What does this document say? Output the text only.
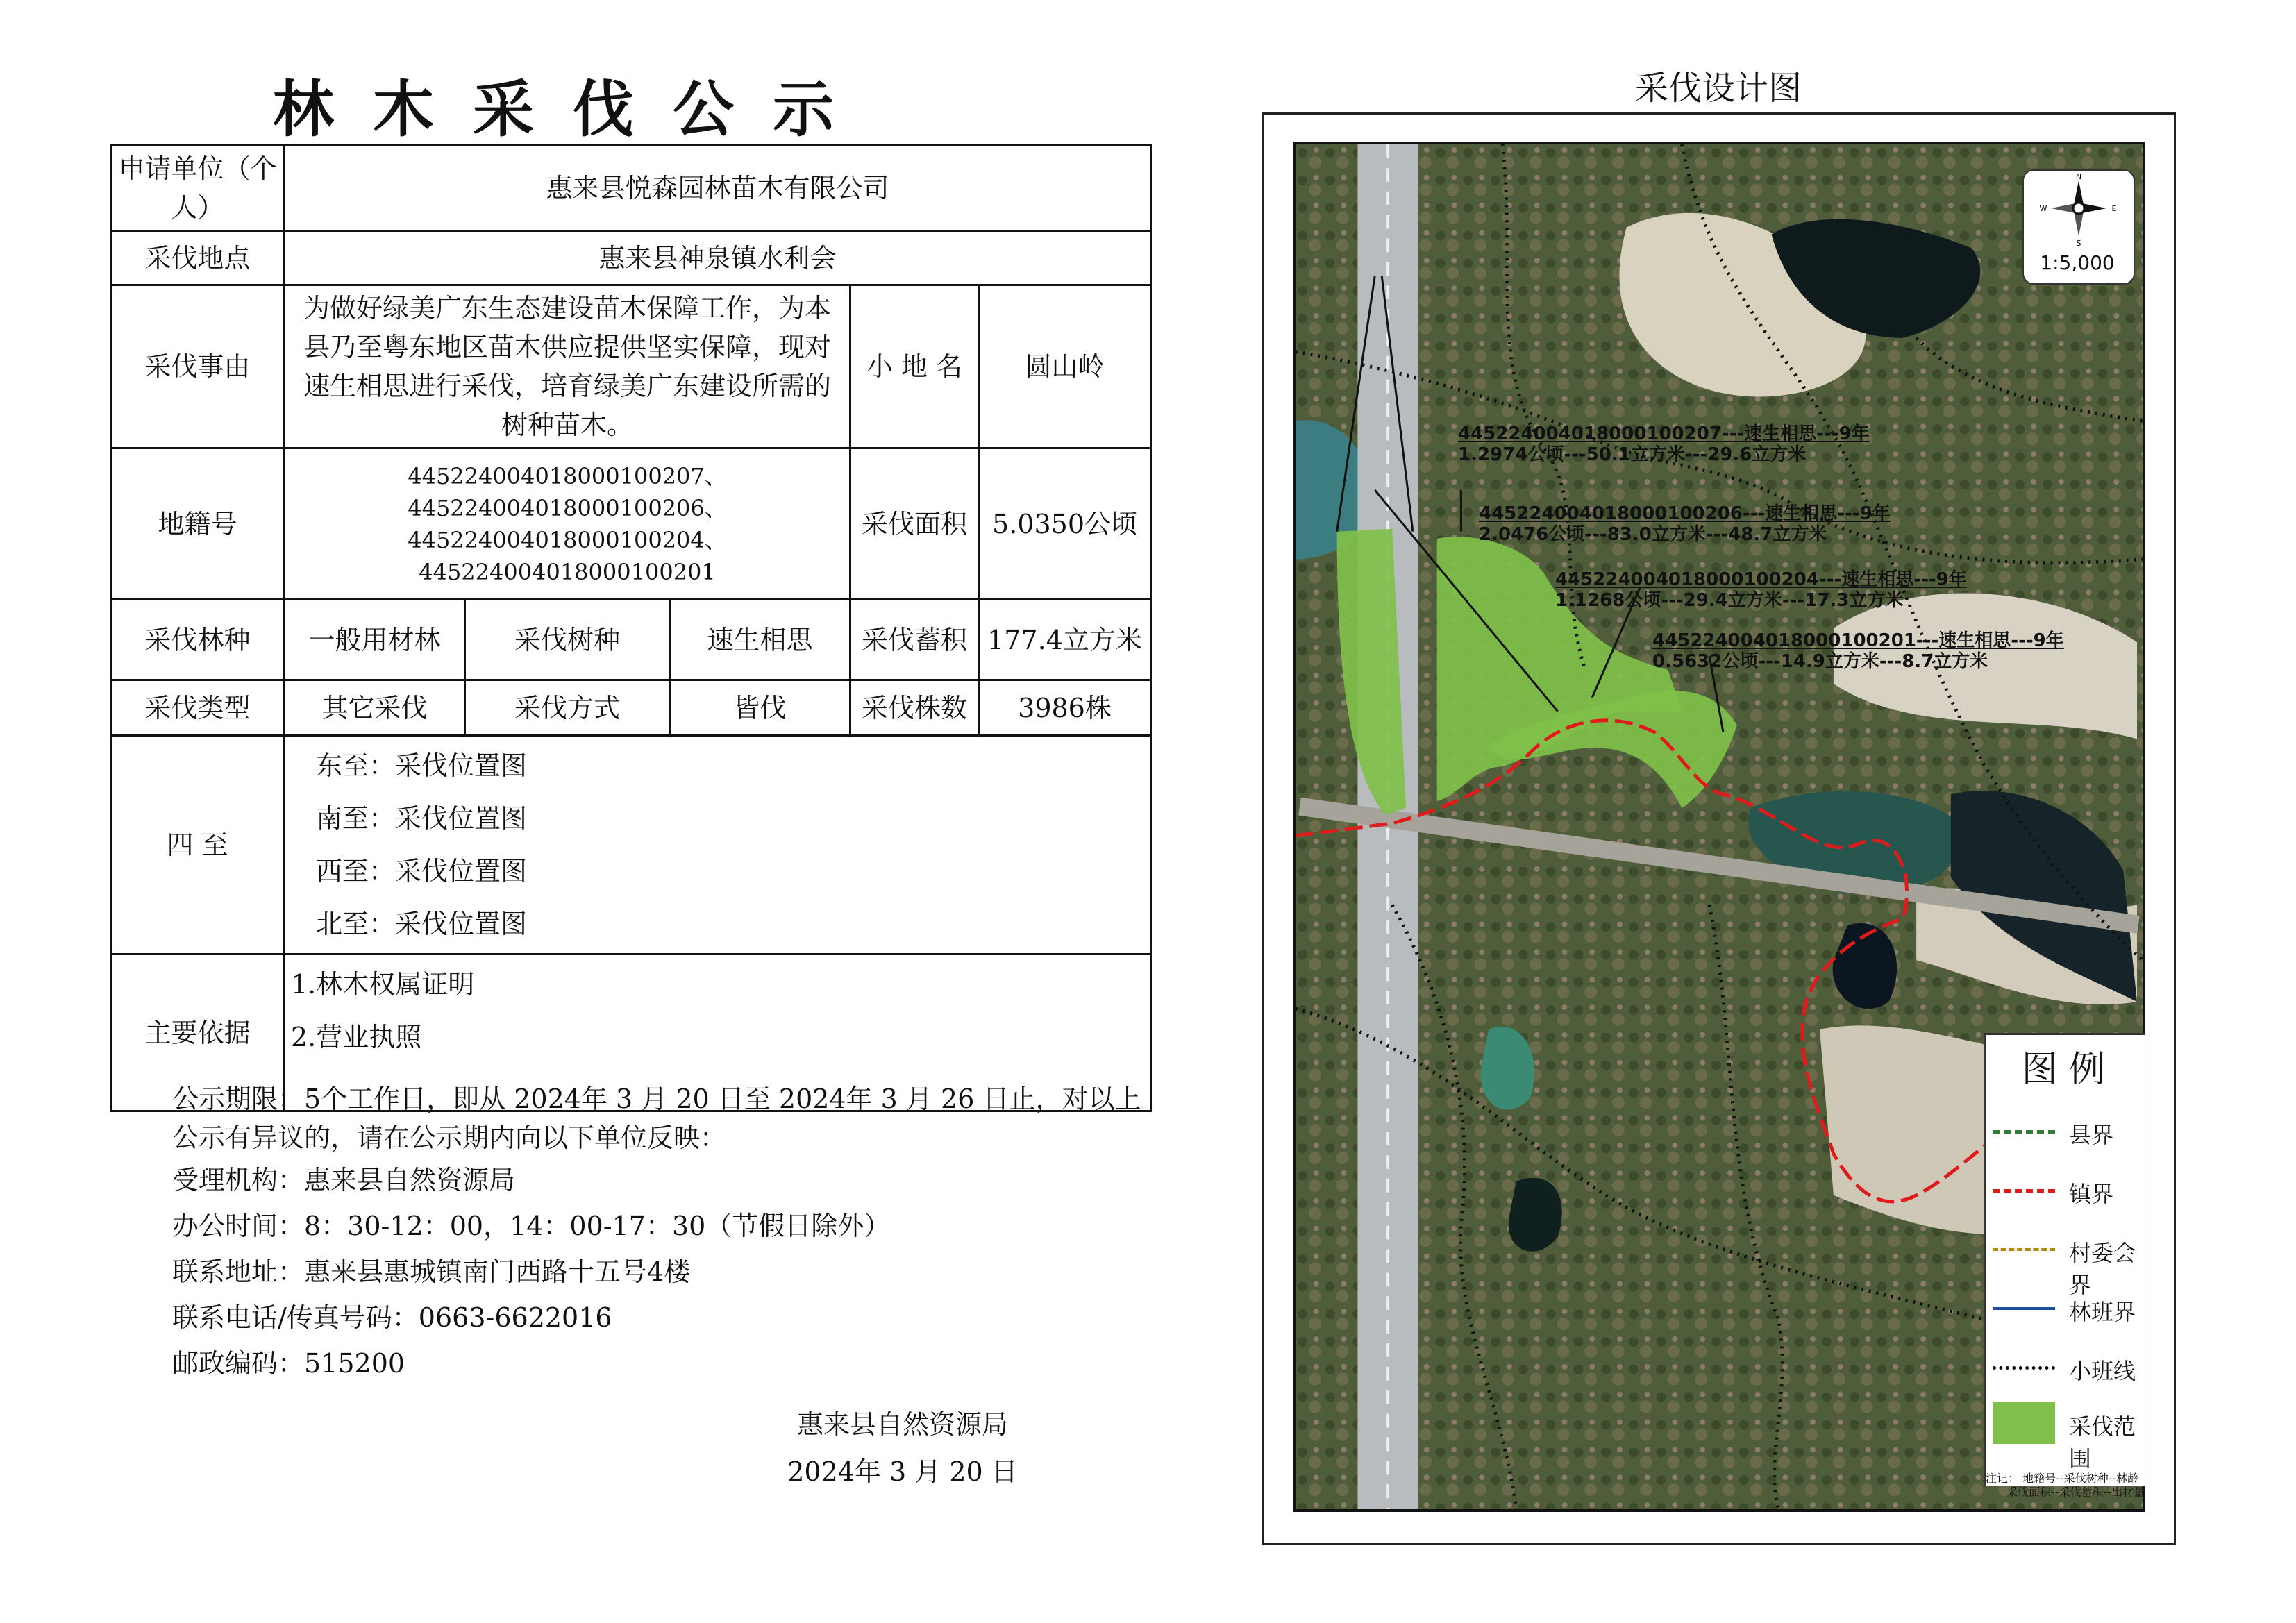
林木采伐公示
申请单位（个人）	惠来县悦森园林苗木有限公司				
采伐地点	惠来县神泉镇水利会				
采伐事由	为做好绿美广东生态建设苗木保障工作，为本县乃至粤东地区苗木供应提供坚实保障，现对速生相思进行采伐，培育绿美广东建设所需的树种苗木。			小 地 名	圆山岭
地籍号	445224004018000100207、445224004018000100206、445224004018000100204、445224004018000100201			采伐面积	5.0350公顷
采伐林种	一般用材林	采伐树种	速生相思	采伐蓄积	177.4立方米
采伐类型	其它采伐	采伐方式	皆伐	采伐株数	3986株
四 至	东至：采伐位置图

南至：采伐位置图

西至：采伐位置图

北至：采伐位置图				

主要依据	1.林木权属证明

2.营业执照				

公示期限：5个工作日，即从 2024年 3 月 20 日至 2024年 3 月 26 日止，对以上公示有异议的，请在公示期内向以下单位反映：

受理机构：惠来县自然资源局

办公时间：8：30-12：00，14：00-17：30（节假日除外）

联系地址：惠来县惠城镇南门西路十五号4楼

联系电话/传真号码：0663-6622016

邮政编码：515200

惠来县自然资源局
2024年 3 月 20 日
采伐设计图
445224004018000100207---速生相思---9年
1.2974公顷---50.1立方米---29.6立方米
445224004018000100206---速生相思---9年
2.0476公顷---83.0立方米---48.7立方米
445224004018000100204---速生相思---9年
1.1268公顷---29.4立方米---17.3立方米
445224004018000100201---速生相思---9年
0.5632公顷---14.9立方米---8.7立方米
N
S
E
W
1:5,000
图 例
县界
镇界
村委会界
林班界
小班线
采伐范围
注记： 地籍号--采伐树种--林龄
采伐面积--采伐蓄积--出材量
